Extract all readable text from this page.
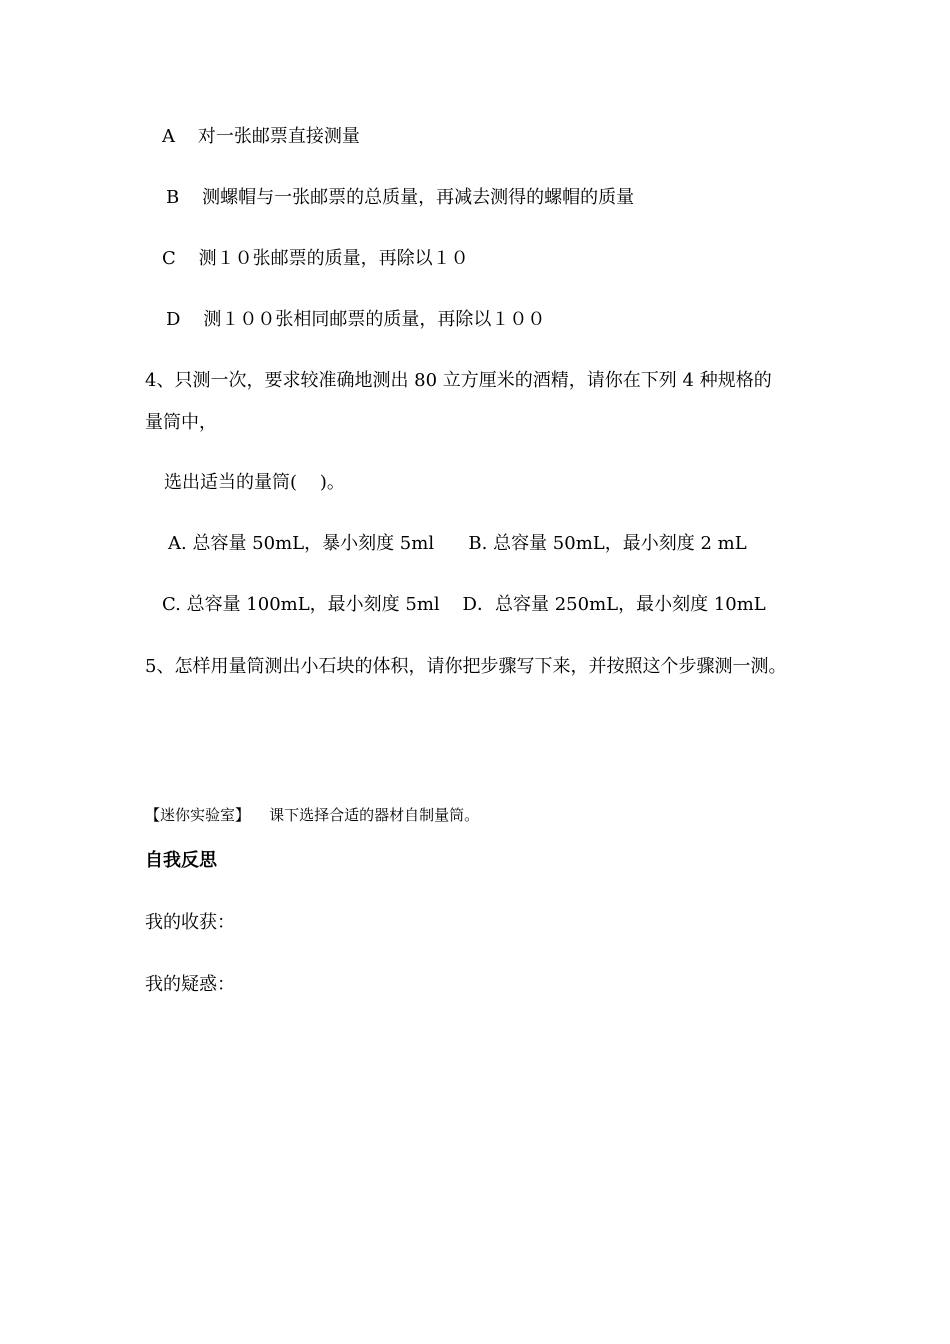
A    对一张邮票直接测量
B    测螺帽与一张邮票的总质量，再减去测得的螺帽的质量
C    测１０张邮票的质量，再除以１０
D    测１００张相同邮票的质量，再除以１００
4、只测一次，要求较准确地测出 80 立方厘米的酒精，请你在下列 4 种规格的
量筒中，
选出适当的量筒(    )。
A. 总容量 50mL，暴小刻度 5ml      B. 总容量 50mL，最小刻度 2 mL
C. 总容量 100mL，最小刻度 5ml    D．总容量 250mL，最小刻度 10mL
5、怎样用量筒测出小石块的体积，请你把步骤写下来，并按照这个步骤测一测。
【迷你实验室】    课下选择合适的器材自制量筒。
自我反思
我的收获：
我的疑惑：
